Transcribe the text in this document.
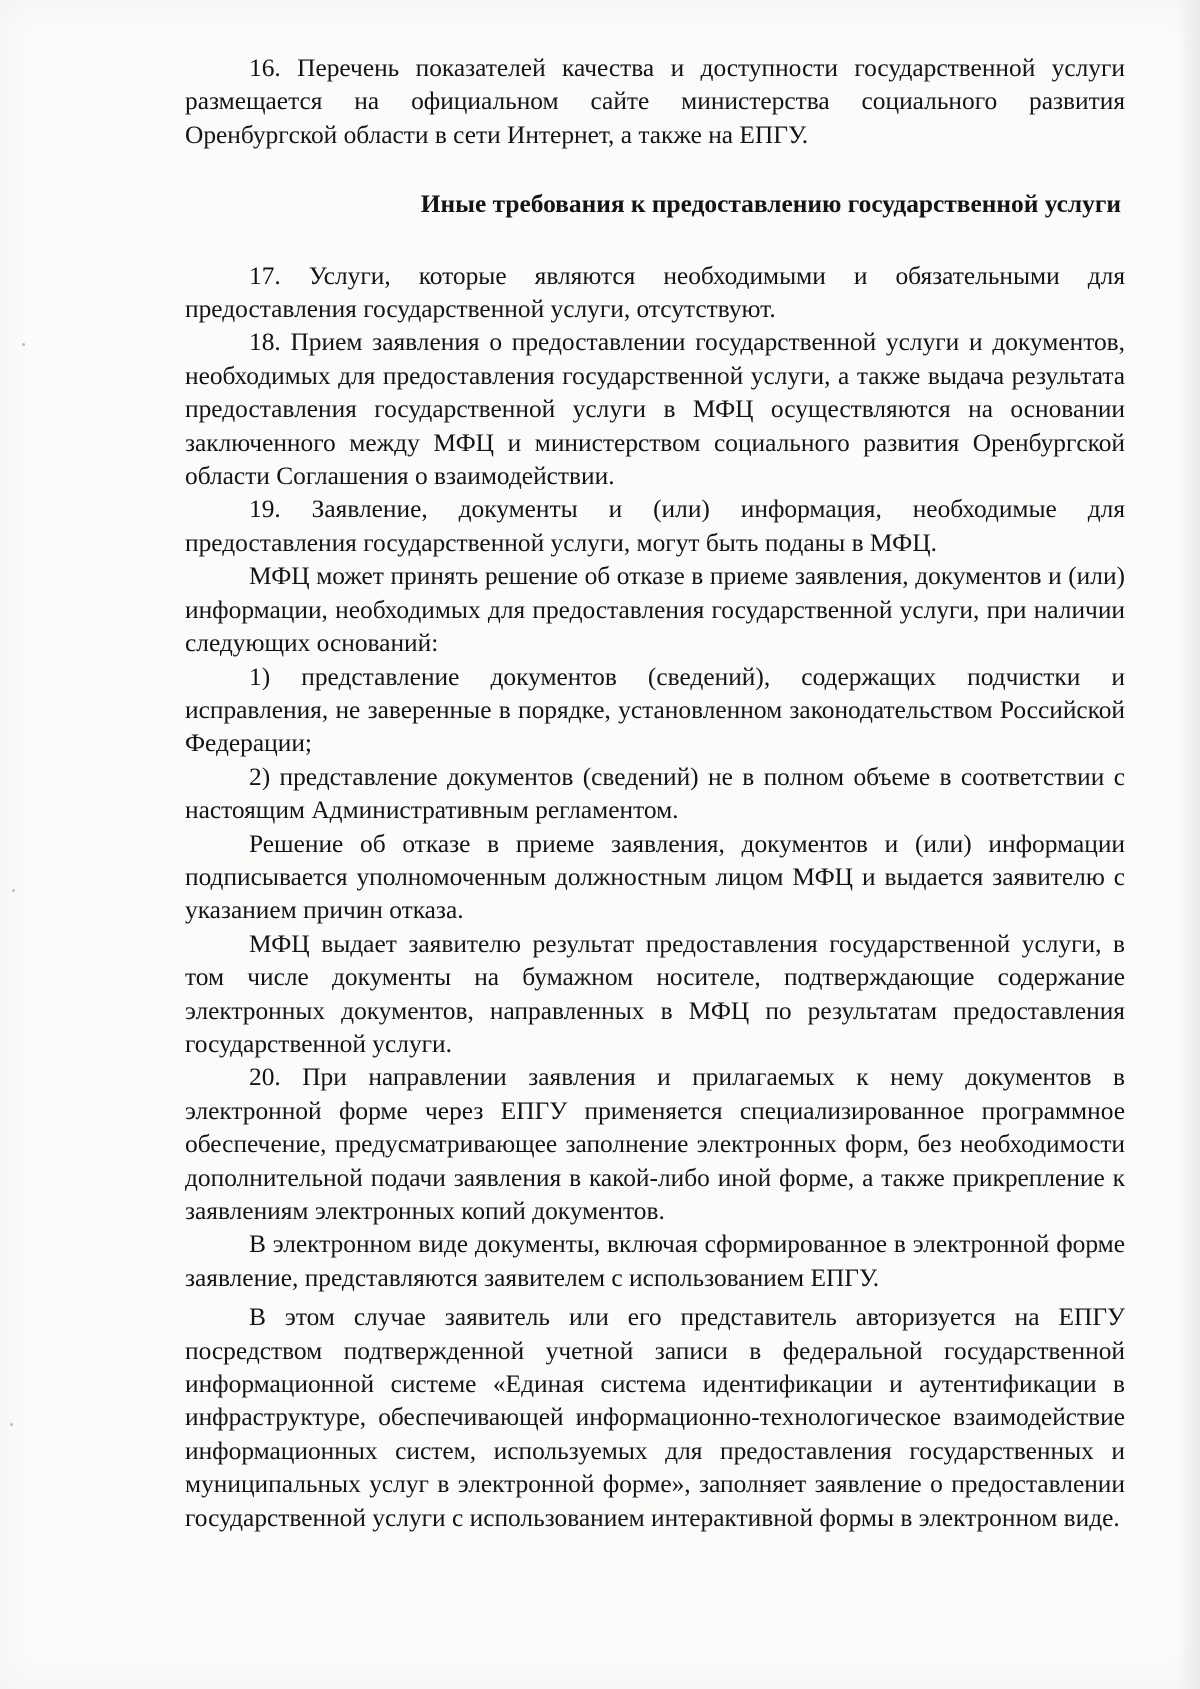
16. Перечень показателей качества и доступности государственной услуги размещается на официальном сайте министерства социального развития Оренбургской области в сети Интернет, а также на ЕПГУ.

Иные требования к предоставлению государственной услуги

17. Услуги, которые являются необходимыми и обязательными для предоставления государственной услуги, отсутствуют.

18. Прием заявления о предоставлении государственной услуги и документов, необходимых для предоставления государственной услуги, а также выдача результата предоставления государственной услуги в МФЦ осуществляются на основании заключенного между МФЦ и министерством социального развития Оренбургской области Соглашения о взаимодействии.

19. Заявление, документы и (или) информация, необходимые для предоставления государственной услуги, могут быть поданы в МФЦ.

МФЦ может принять решение об отказе в приеме заявления, документов и (или) информации, необходимых для предоставления государственной услуги, при наличии следующих оснований:

1) представление документов (сведений), содержащих подчистки и исправления, не заверенные в порядке, установленном законодательством Российской Федерации;

2) представление документов (сведений) не в полном объеме в соответствии с настоящим Административным регламентом.

Решение об отказе в приеме заявления, документов и (или) информации подписывается уполномоченным должностным лицом МФЦ и выдается заявителю с указанием причин отказа.

МФЦ выдает заявителю результат предоставления государственной услуги, в том числе документы на бумажном носителе, подтверждающие содержание электронных документов, направленных в МФЦ по результатам предоставления государственной услуги.

20. При направлении заявления и прилагаемых к нему документов в электронной форме через ЕПГУ применяется специализированное программное обеспечение, предусматривающее заполнение электронных форм, без необходимости дополнительной подачи заявления в какой-либо иной форме, а также прикрепление к заявлениям электронных копий документов.

В электронном виде документы, включая сформированное в электронной форме заявление, представляются заявителем с использованием ЕПГУ.

В этом случае заявитель или его представитель авторизуется на ЕПГУ посредством подтвержденной учетной записи в федеральной государственной информационной системе «Единая система идентификации и аутентификации в инфраструктуре, обеспечивающей информационно-технологическое взаимодействие информационных систем, используемых для предоставления государственных и муниципальных услуг в электронной форме», заполняет заявление о предоставлении государственной услуги с использованием интерактивной формы в электронном виде.
